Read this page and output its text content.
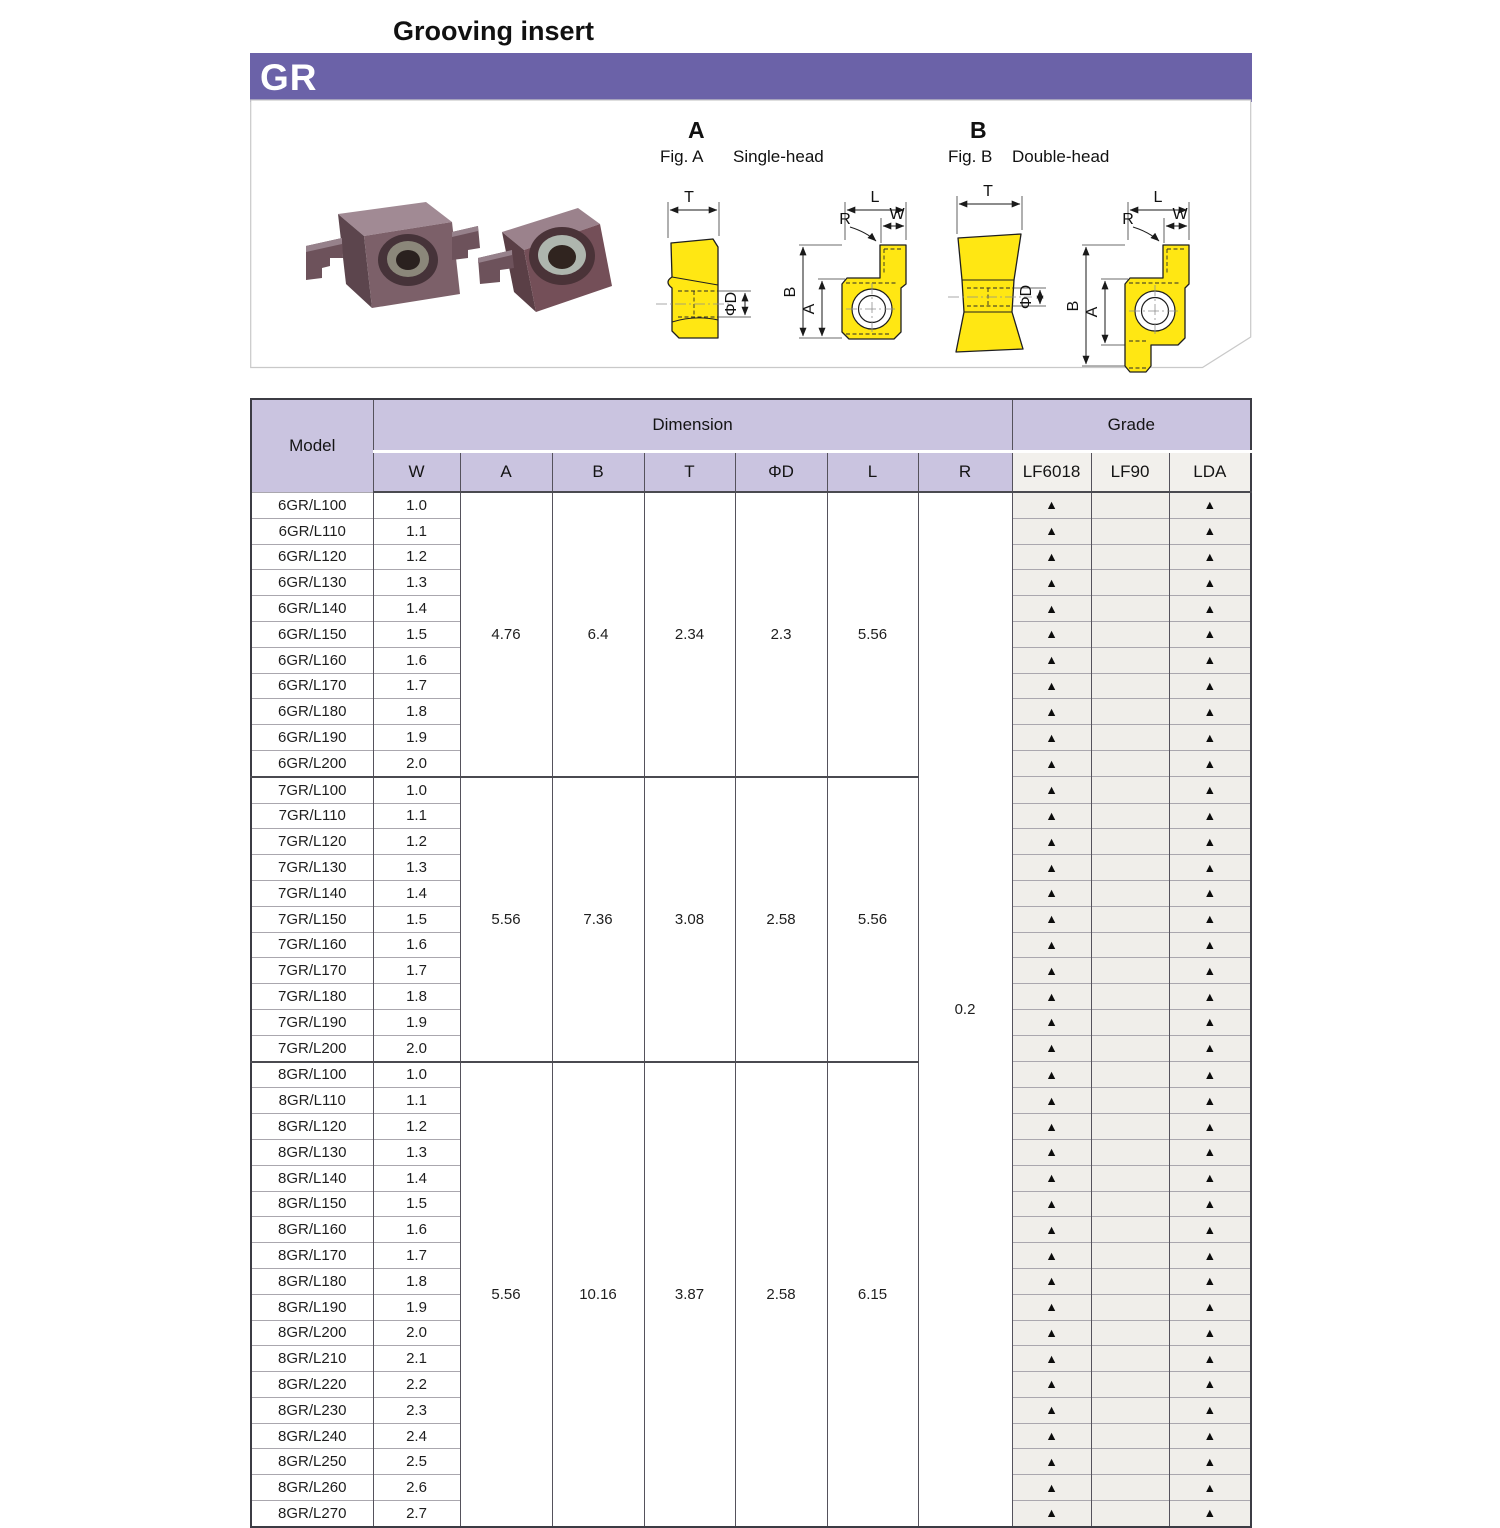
Grooving insert
GR
A
Fig. A Single-head
T
ΦD
L
W
R
B
A
B
Fig. B Double-head
T
ΦD
L
W
R
B
A
Model	Dimension							Grade		
	W	A	B	T	ΦD	L	R	LF6018	LF90	LDA
6GR/L100	1.0	4.76	6.4	2.34	2.3	5.56	0.2	▲		▲
6GR/L110	1.1							▲		▲
6GR/L120	1.2							▲		▲
6GR/L130	1.3							▲		▲
6GR/L140	1.4							▲		▲
6GR/L150	1.5							▲		▲
6GR/L160	1.6							▲		▲
6GR/L170	1.7							▲		▲
6GR/L180	1.8							▲		▲
6GR/L190	1.9							▲		▲
6GR/L200	2.0							▲		▲
7GR/L100	1.0	5.56	7.36	3.08	2.58	5.56		▲		▲
7GR/L110	1.1							▲		▲
7GR/L120	1.2							▲		▲
7GR/L130	1.3							▲		▲
7GR/L140	1.4							▲		▲
7GR/L150	1.5							▲		▲
7GR/L160	1.6							▲		▲
7GR/L170	1.7							▲		▲
7GR/L180	1.8							▲		▲
7GR/L190	1.9							▲		▲
7GR/L200	2.0							▲		▲
8GR/L100	1.0	5.56	10.16	3.87	2.58	6.15		▲		▲
8GR/L110	1.1							▲		▲
8GR/L120	1.2							▲		▲
8GR/L130	1.3							▲		▲
8GR/L140	1.4							▲		▲
8GR/L150	1.5							▲		▲
8GR/L160	1.6							▲		▲
8GR/L170	1.7							▲		▲
8GR/L180	1.8							▲		▲
8GR/L190	1.9							▲		▲
8GR/L200	2.0							▲		▲
8GR/L210	2.1							▲		▲
8GR/L220	2.2							▲		▲
8GR/L230	2.3							▲		▲
8GR/L240	2.4							▲		▲
8GR/L250	2.5							▲		▲
8GR/L260	2.6							▲		▲
8GR/L270	2.7							▲		▲
